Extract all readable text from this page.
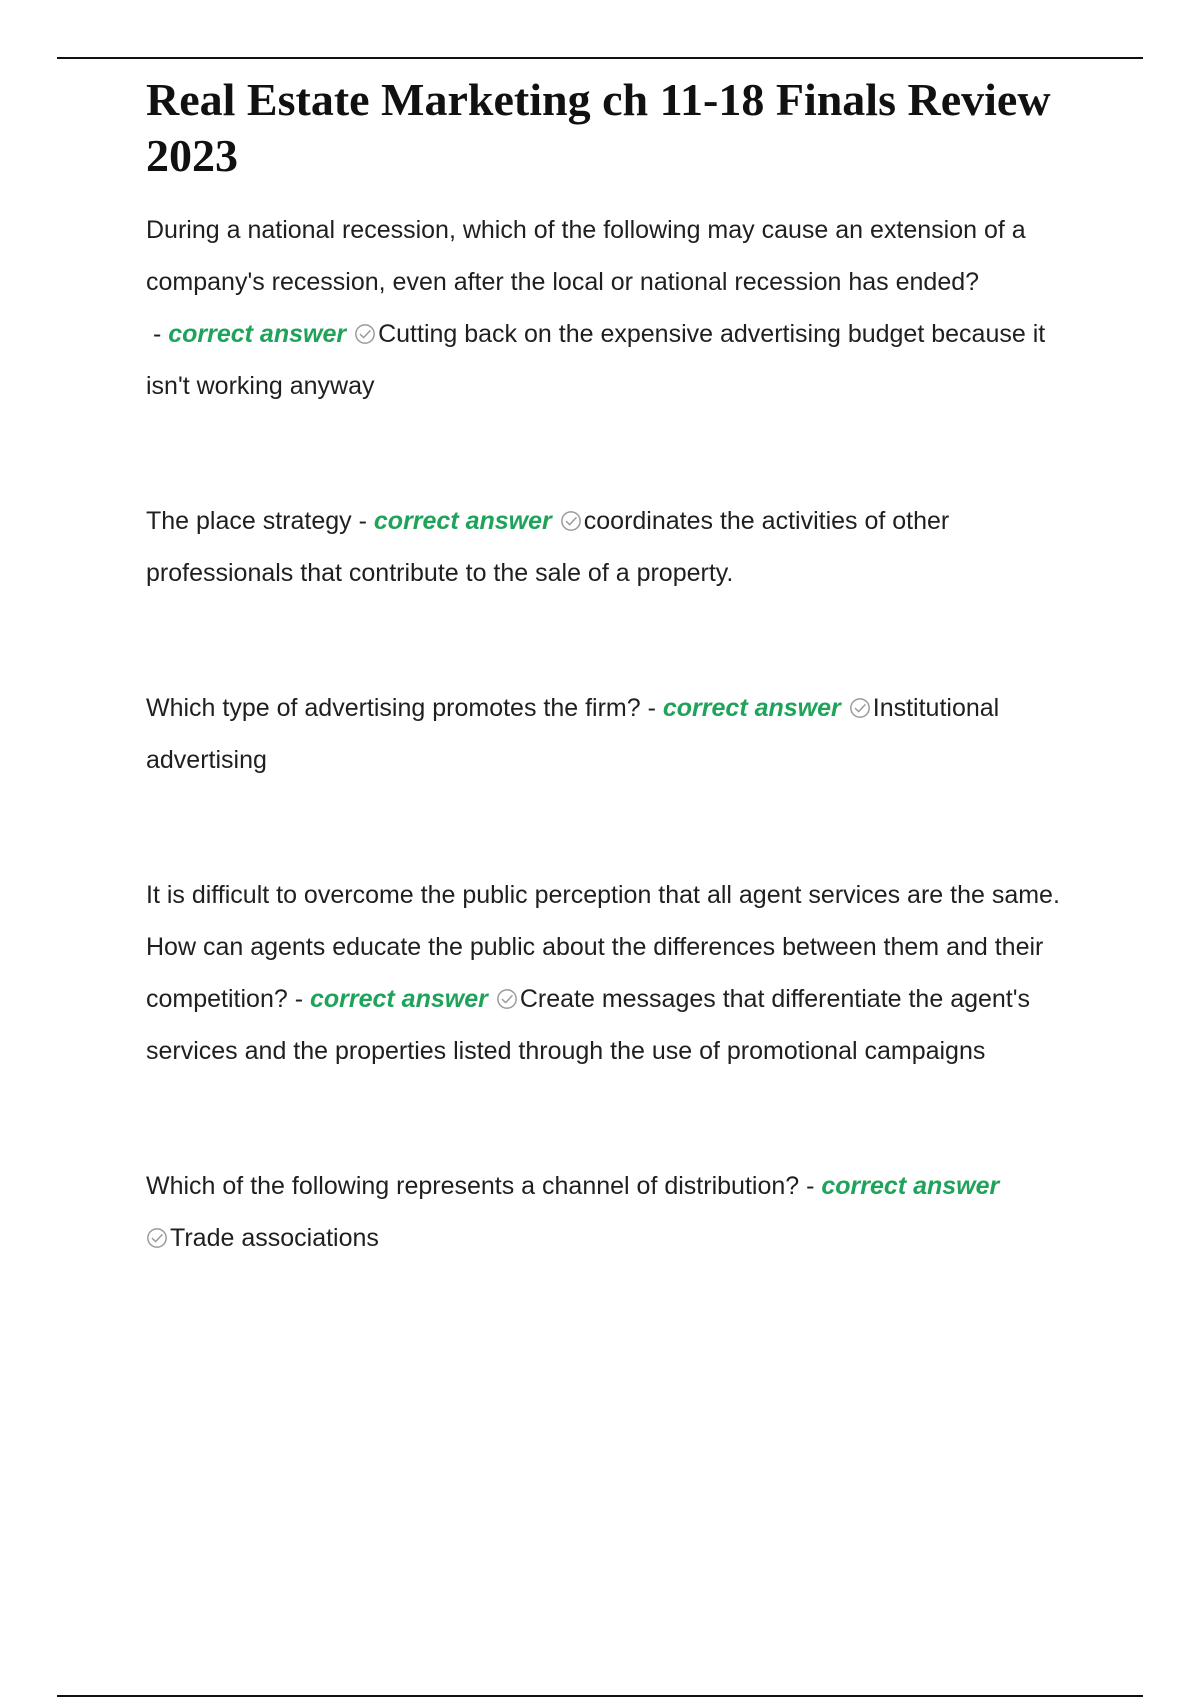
Real Estate Marketing ch 11-18 Finals Review 2023
During a national recession, which of the following may cause an extension of a company's recession, even after the local or national recession has ended? - correct answer Cutting back on the expensive advertising budget because it isn't working anyway
The place strategy - correct answer coordinates the activities of other professionals that contribute to the sale of a property.
Which type of advertising promotes the firm? - correct answer Institutional advertising
It is difficult to overcome the public perception that all agent services are the same. How can agents educate the public about the differences between them and their competition? - correct answer Create messages that differentiate the agent's services and the properties listed through the use of promotional campaigns
Which of the following represents a channel of distribution? - correct answer

Trade associations
